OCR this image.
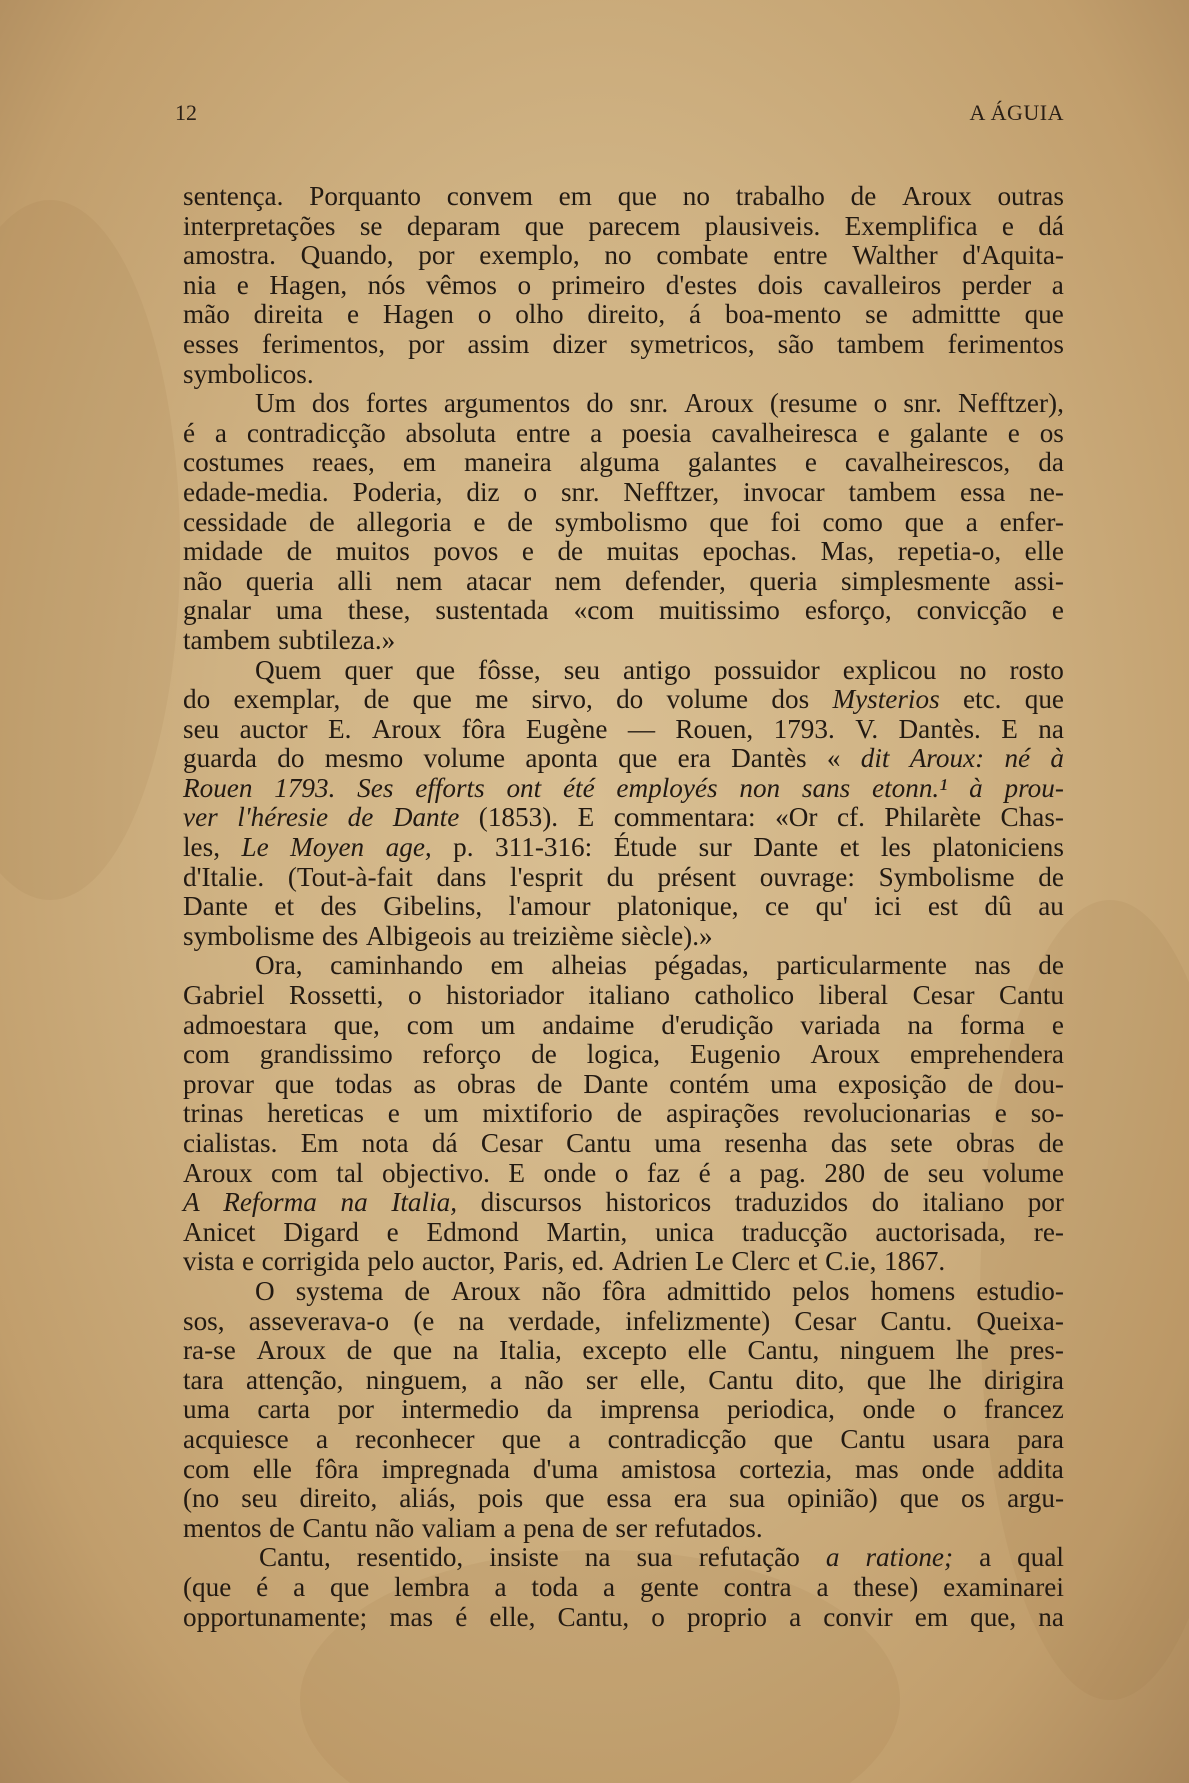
12	A ÁGUIA
sentença. Porquanto convem em que no trabalho de Aroux outras
interpretações se deparam que parecem plausiveis. Exemplifica e dá
amostra. Quando, por exemplo, no combate entre Walther d'Aquita-
nia e Hagen, nós vêmos o primeiro d'estes dois cavalleiros perder a
mão direita e Hagen o olho direito, á boa-mento se admittte que
esses ferimentos, por assim dizer symetricos, são tambem ferimentos
symbolicos.
Um dos fortes argumentos do snr. Aroux (resume o snr. Nefftzer),
é a contradicção absoluta entre a poesia cavalheiresca e galante e os
costumes reaes, em maneira alguma galantes e cavalheirescos, da
edade-media. Poderia, diz o snr. Nefftzer, invocar tambem essa ne-
cessidade de allegoria e de symbolismo que foi como que a enfer-
midade de muitos povos e de muitas epochas. Mas, repetia-o, elle
não queria alli nem atacar nem defender, queria simplesmente assi-
gnalar uma these, sustentada «com muitissimo esforço, convicção e
tambem subtileza.»
Quem quer que fôsse, seu antigo possuidor explicou no rosto
do exemplar, de que me sirvo, do volume dos Mysterios etc. que
seu auctor E. Aroux fôra Eugène — Rouen, 1793. V. Dantès. E na
guarda do mesmo volume aponta que era Dantès « dit Aroux: né à
Rouen 1793. Ses efforts ont été employés non sans etonn.¹ à prou-
ver l'héresie de Dante (1853). E commentara: «Or cf. Philarète Chas-
les, Le Moyen age, p. 311-316: Étude sur Dante et les platoniciens
d'Italie. (Tout-à-fait dans l'esprit du présent ouvrage: Symbolisme de
Dante et des Gibelins, l'amour platonique, ce qu' ici est dû au
symbolisme des Albigeois au treizième siècle).»
Ora, caminhando em alheias pégadas, particularmente nas de
Gabriel Rossetti, o historiador italiano catholico liberal Cesar Cantu
admoestara que, com um andaime d'erudição variada na forma e
com grandissimo reforço de logica, Eugenio Aroux emprehendera
provar que todas as obras de Dante contém uma exposição de dou-
trinas hereticas e um mixtiforio de aspirações revolucionarias e so-
cialistas. Em nota dá Cesar Cantu uma resenha das sete obras de
Aroux com tal objectivo. E onde o faz é a pag. 280 de seu volume
A Reforma na Italia, discursos historicos traduzidos do italiano por
Anicet Digard e Edmond Martin, unica traducção auctorisada, re-
vista e corrigida pelo auctor, Paris, ed. Adrien Le Clerc et C.ie, 1867.
O systema de Aroux não fôra admittido pelos homens estudio-
sos, asseverava-o (e na verdade, infelizmente) Cesar Cantu. Queixa-
ra-se Aroux de que na Italia, excepto elle Cantu, ninguem lhe pres-
tara attenção, ninguem, a não ser elle, Cantu dito, que lhe dirigira
uma carta por intermedio da imprensa periodica, onde o francez
acquiesce a reconhecer que a contradicção que Cantu usara para
com elle fôra impregnada d'uma amistosa cortezia, mas onde addita
(no seu direito, aliás, pois que essa era sua opinião) que os argu-
mentos de Cantu não valiam a pena de ser refutados.
Cantu, resentido, insiste na sua refutação a ratione; a qual
(que é a que lembra a toda a gente contra a these) examinarei
opportunamente; mas é elle, Cantu, o proprio a convir em que, na
